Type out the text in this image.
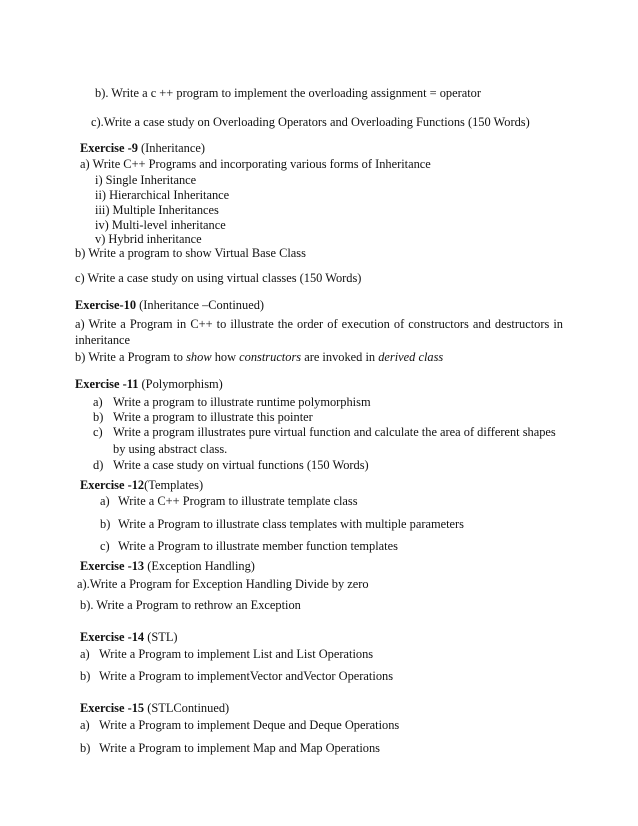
b). Write a c ++ program to implement the overloading assignment = operator
c).Write a case study on Overloading Operators and Overloading Functions (150 Words)
Exercise -9 (Inheritance)
a) Write C++ Programs and incorporating various forms of Inheritance
i) Single Inheritance
ii) Hierarchical Inheritance
iii) Multiple Inheritances
iv) Multi-level inheritance
v) Hybrid inheritance
b) Write a program to show Virtual Base Class
c) Write a case study on using virtual classes (150 Words)
Exercise-10 (Inheritance –Continued)
a) Write a Program in C++ to illustrate the order of execution of constructors and destructors in
inheritance
b) Write a Program to show how constructors are invoked in derived class
Exercise -11 (Polymorphism)
a) Write a program to illustrate runtime polymorphism
b) Write a program to illustrate this pointer
c) Write a program illustrates pure virtual function and calculate the area of different shapes
by using abstract class.
d) Write a case study on virtual functions (150 Words)
Exercise -12(Templates)
a) Write a C++ Program to illustrate template class
b) Write a Program to illustrate class templates with multiple parameters
c) Write a Program to illustrate member function templates
Exercise -13 (Exception Handling)
a).Write a Program for Exception Handling Divide by zero
b). Write a Program to rethrow an Exception
Exercise -14 (STL)
a) Write a Program to implement List and List Operations
b) Write a Program to implementVector andVector Operations
Exercise -15 (STLContinued)
a) Write a Program to implement Deque and Deque Operations
b) Write a Program to implement Map and Map Operations
